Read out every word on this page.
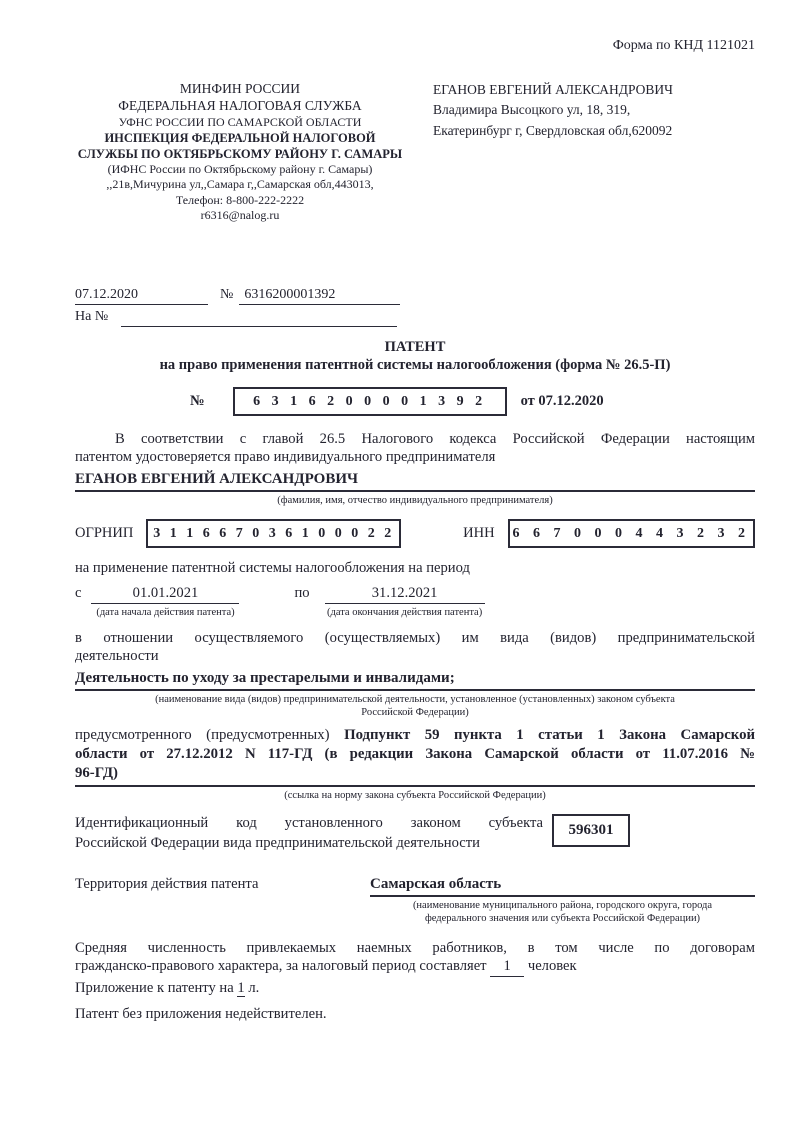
Форма по КНД 1121021
МИНФИН РОССИИ
ФЕДЕРАЛЬНАЯ НАЛОГОВАЯ СЛУЖБА
УФНС РОССИИ ПО САМАРСКОЙ ОБЛАСТИ
ИНСПЕКЦИЯ ФЕДЕРАЛЬНОЙ НАЛОГОВОЙ
СЛУЖБЫ ПО ОКТЯБРЬСКОМУ РАЙОНУ Г. САМАРЫ
(ИФНС России по Октябрьскому району г. Самары)
,,21в,Мичурина ул,,Самара г,,Самарская обл,443013,
Телефон: 8-800-222-2222
r6316@nalog.ru
ЕГАНОВ ЕВГЕНИЙ АЛЕКСАНДРОВИЧ
Владимира Высоцкого ул, 18, 319,
Екатеринбург г, Свердловская обл,620092
07.12.2020	№ 6316200001392
На №
ПАТЕНТ
на право применения патентной системы налогообложения (форма № 26.5-П)
№	6 3 1 6 2 0 0 0 0 1 3 9 2	от 07.12.2020
В соответствии с главой 26.5 Налогового кодекса Российской Федерации настоящим
патентом удостоверяется право индивидуального предпринимателя
ЕГАНОВ ЕВГЕНИЙ АЛЕКСАНДРОВИЧ
(фамилия, имя, отчество индивидуального предпринимателя)
ОГРНИП	3 1 1 6 6 7 0 3 6 1 0 0 0 2 2	ИНН	6 6 7 0 0 0 4 4 3 2 3 2
на применение патентной системы налогообложения на период
с	01.01.2021
(дата начала действия патента)
по	31.12.2021
(дата окончания действия патента)
в отношении осуществляемого (осуществляемых) им вида (видов) предпринимательской
деятельности
Деятельность по уходу за престарелыми и инвалидами;
(наименование вида (видов) предпринимательской деятельности, установленное (установленных) законом субъекта
Российской Федерации)
предусмотренного (предусмотренных) Подпункт 59 пункта 1 статьи 1 Закона Самарской
области от 27.12.2012 N 117-ГД (в редакции Закона Самарской области от 11.07.2016 №
96-ГД)
(ссылка на норму закона субъекта Российской Федерации)
Идентификационный код установленного законом субъекта
Российской Федерации вида предпринимательской деятельности
596301
Территория действия патента	Самарская область
(наименование муниципального района, городского округа, города
федерального значения или субъекта Российской Федерации)
Средняя численность привлекаемых наемных работников, в том числе по договорам
гражданско-правового характера, за налоговый период составляет 1 человек
Приложение к патенту на 1 л.
Патент без приложения недействителен.
